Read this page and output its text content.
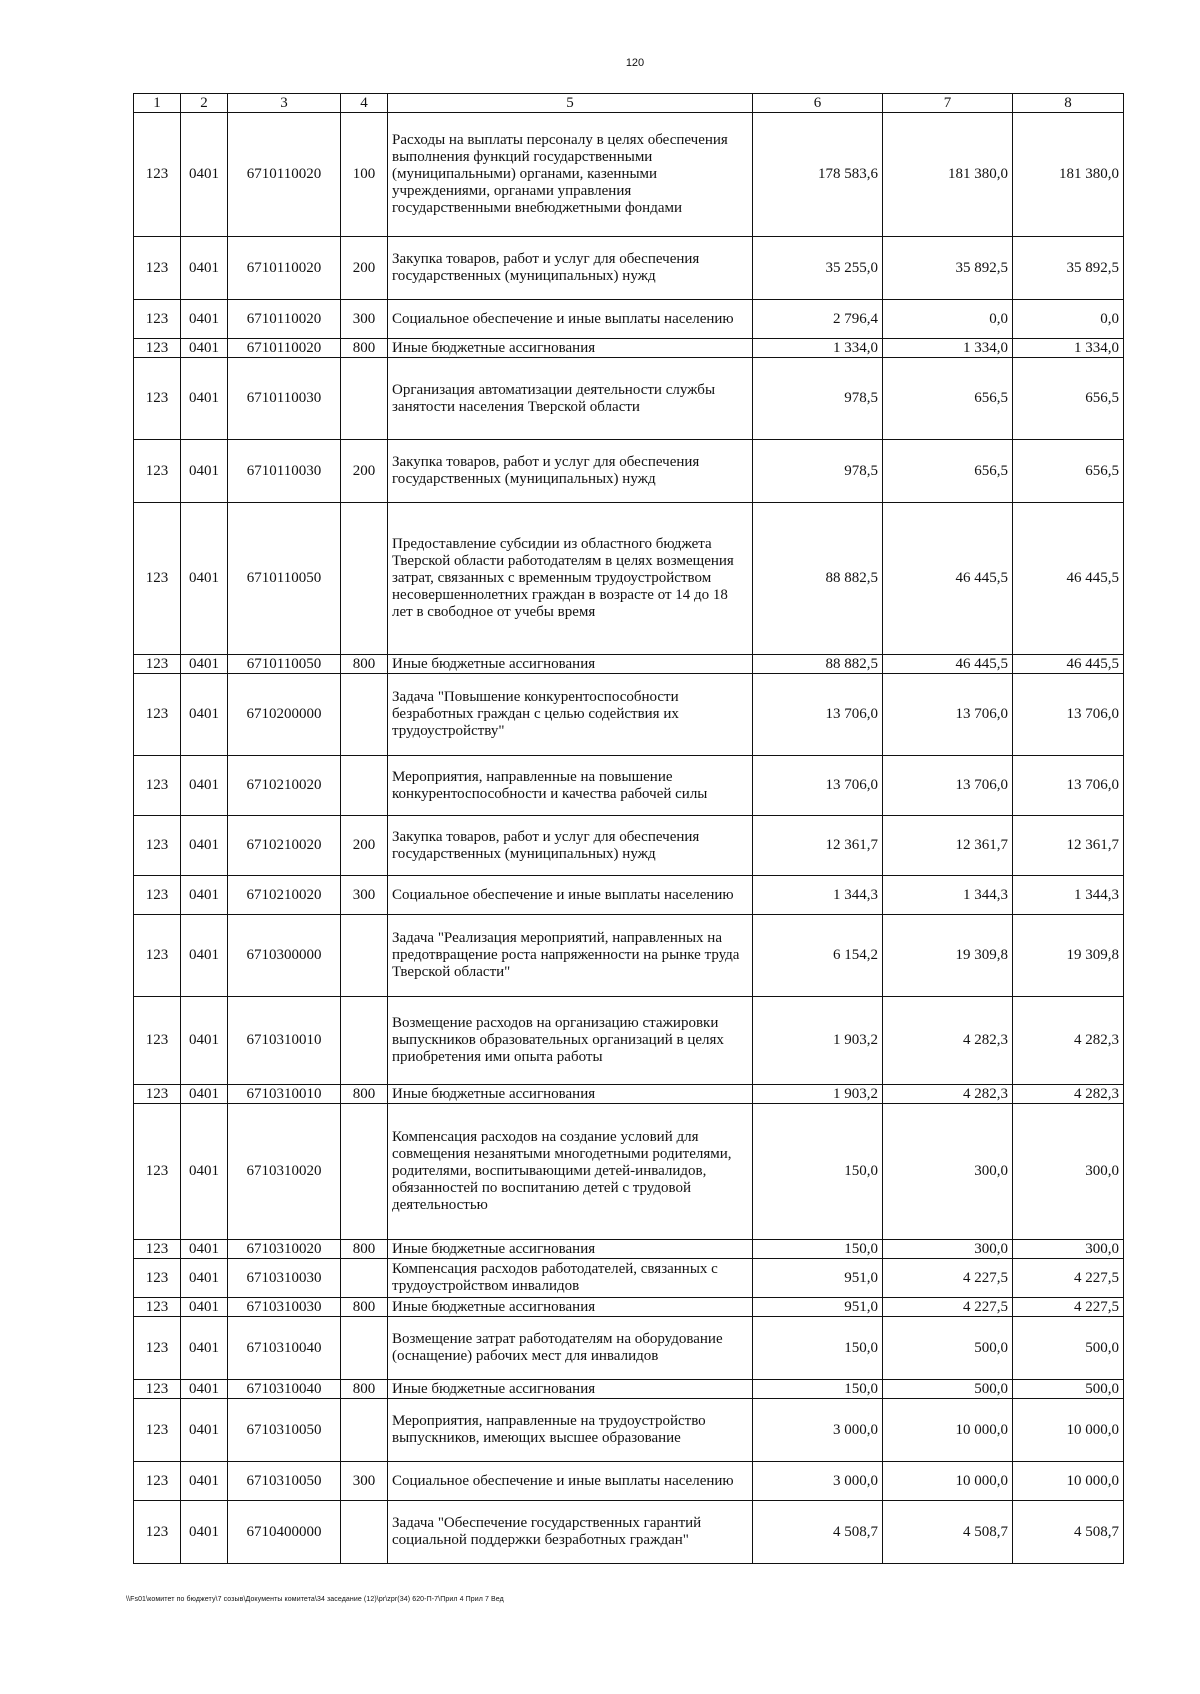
120
1	2	3	4	5	6	7	8
123	0401	6710110020	100	Расходы на выплаты персоналу в целях обеспечения выполнения функций государственными (муниципальными) органами, казенными учреждениями, органами управления государственными внебюджетными фондами	178 583,6	181 380,0	181 380,0
123	0401	6710110020	200	Закупка товаров, работ и услуг для обеспечения государственных (муниципальных) нужд	35 255,0	35 892,5	35 892,5
123	0401	6710110020	300	Социальное обеспечение и иные выплаты населению	2 796,4	0,0	0,0
123	0401	6710110020	800	Иные бюджетные ассигнования	1 334,0	1 334,0	1 334,0
123	0401	6710110030		Организация автоматизации деятельности службы занятости населения Тверской области	978,5	656,5	656,5
123	0401	6710110030	200	Закупка товаров, работ и услуг для обеспечения государственных (муниципальных) нужд	978,5	656,5	656,5
123	0401	6710110050		Предоставление субсидии из областного бюджета Тверской области работодателям в целях возмещения затрат, связанных с временным трудоустройством несовершеннолетних граждан в возрасте от 14 до 18 лет в свободное от учебы время	88 882,5	46 445,5	46 445,5
123	0401	6710110050	800	Иные бюджетные ассигнования	88 882,5	46 445,5	46 445,5
123	0401	6710200000		Задача "Повышение конкурентоспособности безработных граждан с целью содействия их трудоустройству"	13 706,0	13 706,0	13 706,0
123	0401	6710210020		Мероприятия, направленные на повышение конкурентоспособности и качества рабочей силы	13 706,0	13 706,0	13 706,0
123	0401	6710210020	200	Закупка товаров, работ и услуг для обеспечения государственных (муниципальных) нужд	12 361,7	12 361,7	12 361,7
123	0401	6710210020	300	Социальное обеспечение и иные выплаты населению	1 344,3	1 344,3	1 344,3
123	0401	6710300000		Задача "Реализация мероприятий, направленных на предотвращение роста напряженности на рынке труда Тверской области"	6 154,2	19 309,8	19 309,8
123	0401	6710310010		Возмещение расходов на организацию стажировки выпускников образовательных организаций в целях приобретения ими опыта работы	1 903,2	4 282,3	4 282,3
123	0401	6710310010	800	Иные бюджетные ассигнования	1 903,2	4 282,3	4 282,3
123	0401	6710310020		Компенсация расходов на создание условий для совмещения незанятыми многодетными родителями, родителями, воспитывающими детей-инвалидов, обязанностей по воспитанию детей с трудовой деятельностью	150,0	300,0	300,0
123	0401	6710310020	800	Иные бюджетные ассигнования	150,0	300,0	300,0
123	0401	6710310030		Компенсация расходов работодателей, связанных с трудоустройством инвалидов	951,0	4 227,5	4 227,5
123	0401	6710310030	800	Иные бюджетные ассигнования	951,0	4 227,5	4 227,5
123	0401	6710310040		Возмещение затрат работодателям на оборудование (оснащение) рабочих мест для инвалидов	150,0	500,0	500,0
123	0401	6710310040	800	Иные бюджетные ассигнования	150,0	500,0	500,0
123	0401	6710310050		Мероприятия, направленные на трудоустройство выпускников, имеющих высшее образование	3 000,0	10 000,0	10 000,0
123	0401	6710310050	300	Социальное обеспечение и иные выплаты населению	3 000,0	10 000,0	10 000,0
123	0401	6710400000		Задача "Обеспечение государственных гарантий социальной поддержки безработных граждан"	4 508,7	4 508,7	4 508,7
\\Fs01\комитет по бюджету\7 созыв\Документы комитета\34 заседание (12)\pr\zpr(34) 620-П-7\Прил 4 Прил 7 Вед
